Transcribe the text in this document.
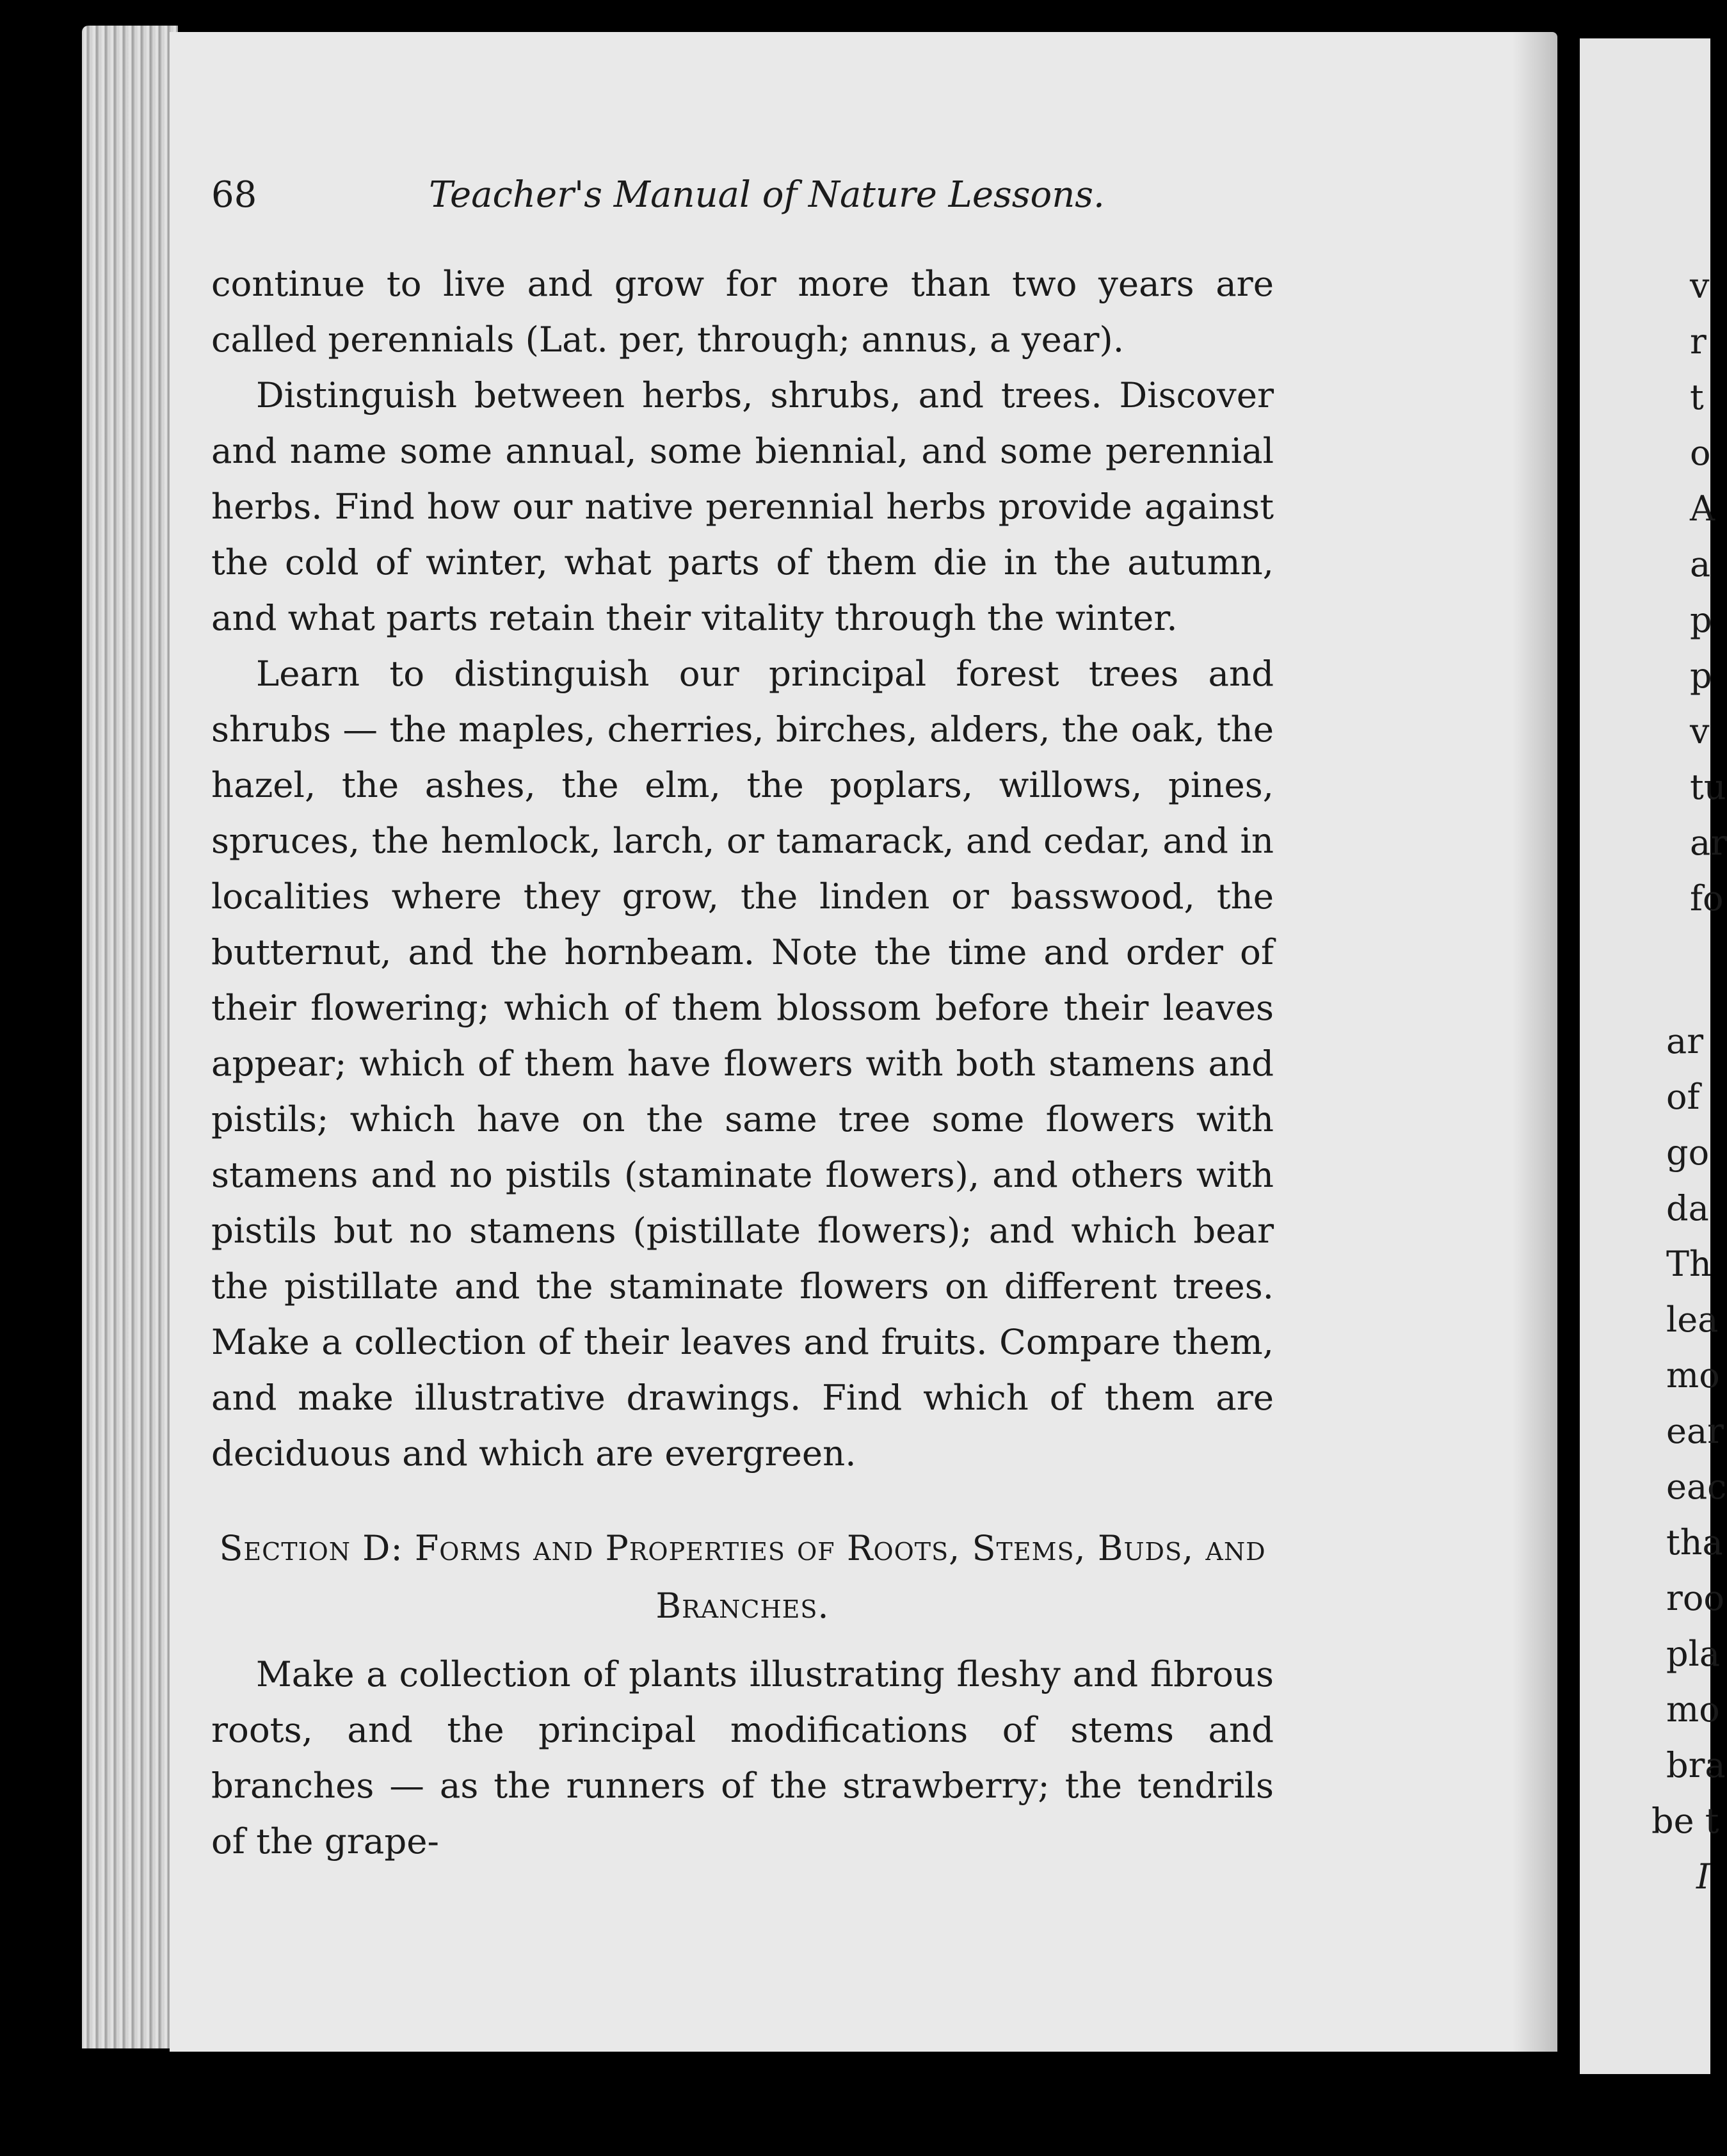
68	Teacher's Manual of Nature Lessons.

continue to live and grow for more than two years are called perennials (Lat. per, through; annus, a year).

Distinguish between herbs, shrubs, and trees. Discover and name some annual, some biennial, and some perennial herbs. Find how our native perennial herbs provide against the cold of winter, what parts of them die in the autumn, and what parts retain their vitality through the winter.

Learn to distinguish our principal forest trees and shrubs — the maples, cherries, birches, alders, the oak, the hazel, the ashes, the elm, the poplars, willows, pines, spruces, the hemlock, larch, or tamarack, and cedar, and in localities where they grow, the linden or basswood, the butternut, and the hornbeam. Note the time and order of their flowering; which of them blossom before their leaves appear; which of them have flowers with both stamens and pistils; which have on the same tree some flowers with stamens and no pistils (staminate flowers), and others with pistils but no stamens (pistillate flowers); and which bear the pistillate and the staminate flowers on different trees. Make a collection of their leaves and fruits. Compare them, and make illustrative drawings. Find which of them are deciduous and which are evergreen.

Section D: Forms and Properties of Roots, Stems, Buds, and Branches.

Make a collection of plants illustrating fleshy and fibrous roots, and the principal modifications of stems and branches — as the runners of the strawberry; the tendrils of the grape-

v
r
t
o
A
a
p
p
v
tu
ar
fo
ar
of
go
da
Th
lea
mo
ear
eac
tha
roo
pla
mo
bra
be t
I
